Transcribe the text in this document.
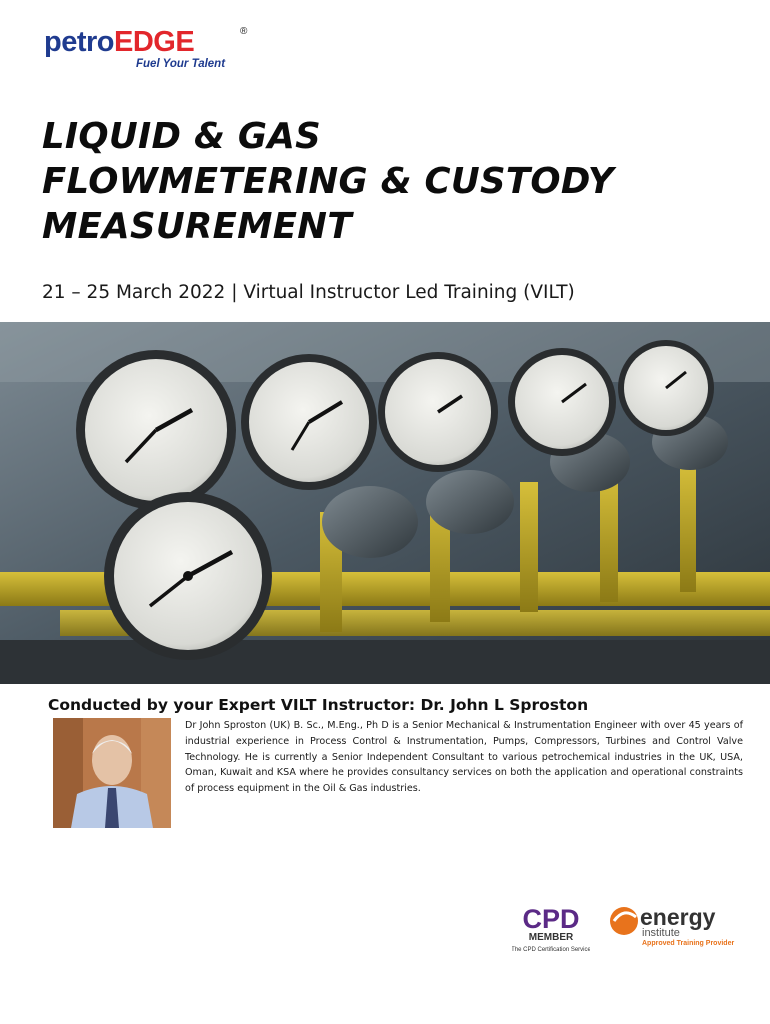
petroEDGE	®
Fuel Your Talent
LIQUID & GAS
FLOWMETERING & CUSTODY
MEASUREMENT
21 – 25 March 2022 | Virtual Instructor Led Training (VILT)
Conducted by your Expert VILT Instructor: Dr. John L Sproston
Dr John Sproston (UK) B. Sc., M.Eng., Ph D is a Senior Mechanical & Instrumentation Engineer with over 45 years of industrial experience in Process Control & Instrumentation, Pumps, Compressors, Turbines and Control Valve Technology. He is currently a Senior Independent Consultant to various petrochemical industries in the UK, USA, Oman, Kuwait and KSA where he provides consultancy services on both the application and operational constraints of process equipment in the Oil & Gas industries.
CPD
MEMBER
The CPD Certification Service
energy
institute
Approved Training Provider
